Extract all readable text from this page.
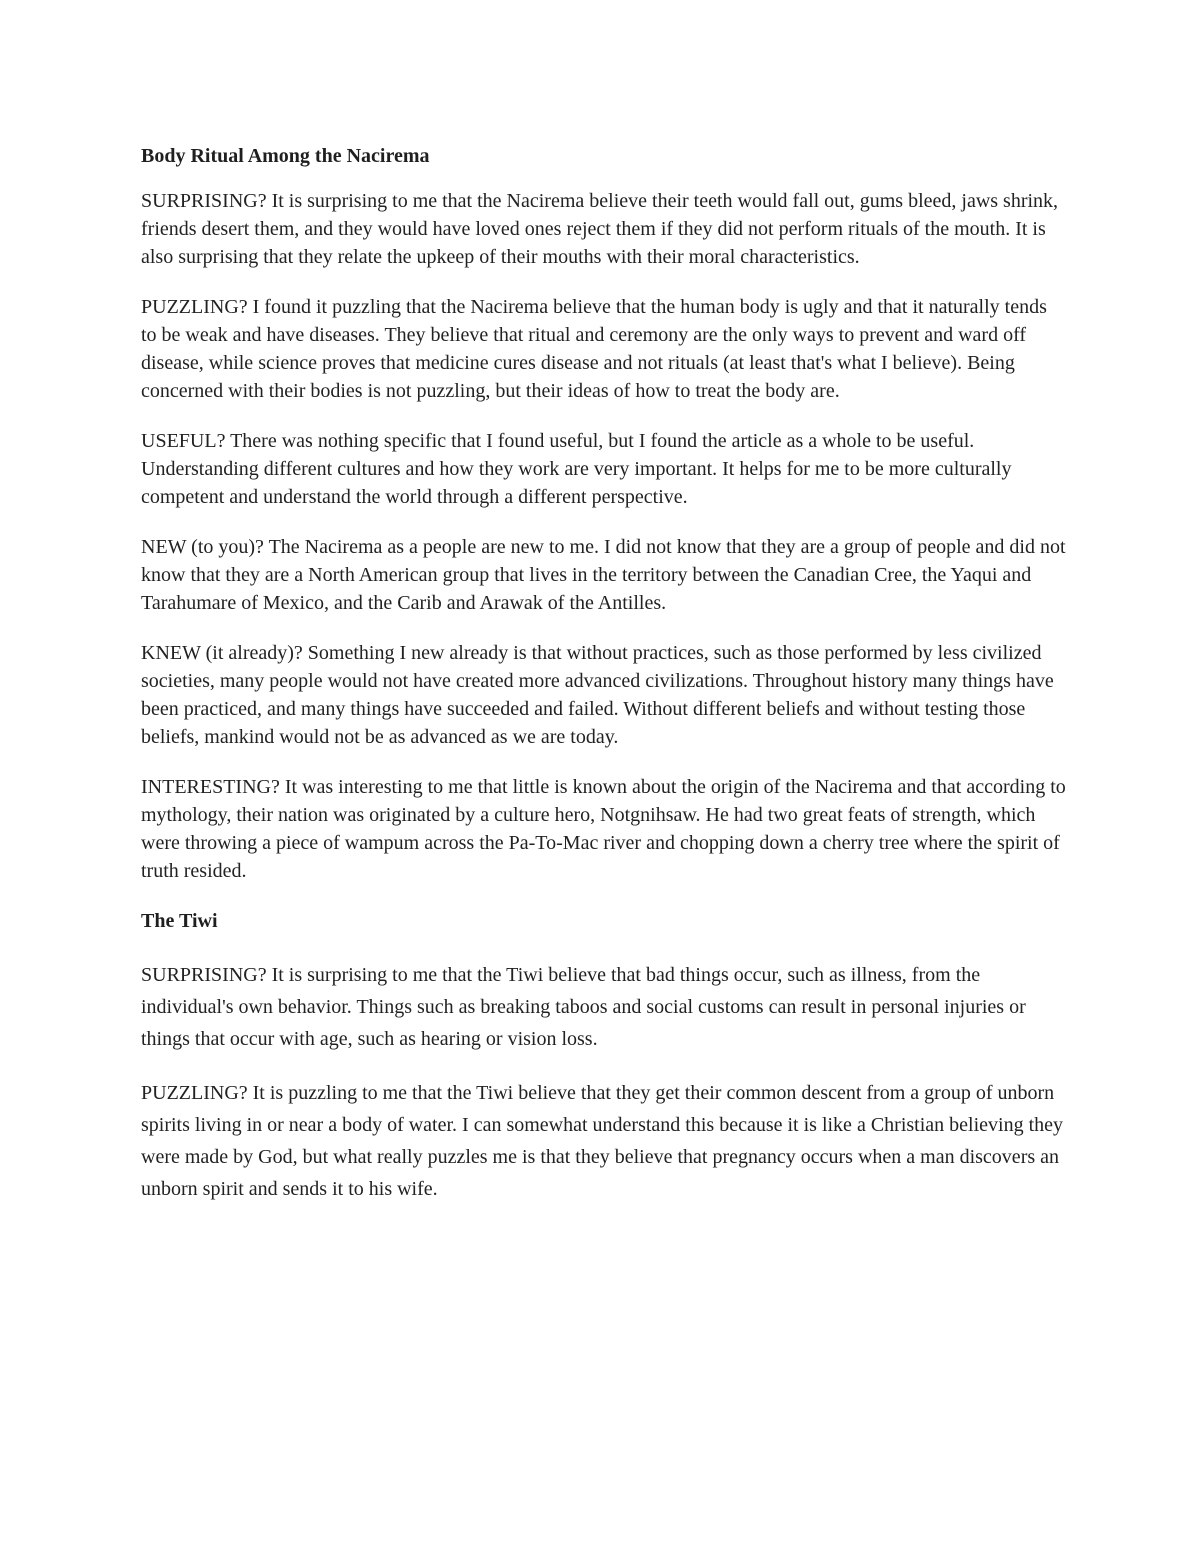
Body Ritual Among the Nacirema

SURPRISING? It is surprising to me that the Nacirema believe their teeth would fall out, gums bleed, jaws shrink, friends desert them, and they would have loved ones reject them if they did not perform rituals of the mouth. It is also surprising that they relate the upkeep of their mouths with their moral characteristics.

PUZZLING? I found it puzzling that the Nacirema believe that the human body is ugly and that it naturally tends to be weak and have diseases. They believe that ritual and ceremony are the only ways to prevent and ward off disease, while science proves that medicine cures disease and not rituals (at least that's what I believe). Being concerned with their bodies is not puzzling, but their ideas of how to treat the body are.

USEFUL? There was nothing specific that I found useful, but I found the article as a whole to be useful. Understanding different cultures and how they work are very important. It helps for me to be more culturally competent and understand the world through a different perspective.

NEW (to you)? The Nacirema as a people are new to me. I did not know that they are a group of people and did not know that they are a North American group that lives in the territory between the Canadian Cree, the Yaqui and Tarahumare of Mexico, and the Carib and Arawak of the Antilles.

KNEW (it already)? Something I new already is that without practices, such as those performed by less civilized societies, many people would not have created more advanced civilizations. Throughout history many things have been practiced, and many things have succeeded and failed. Without different beliefs and without testing those beliefs, mankind would not be as advanced as we are today.

INTERESTING? It was interesting to me that little is known about the origin of the Nacirema and that according to mythology, their nation was originated by a culture hero, Notgnihsaw. He had two great feats of strength, which were throwing a piece of wampum across the Pa-To-Mac river and chopping down a cherry tree where the spirit of truth resided.

The Tiwi

SURPRISING? It is surprising to me that the Tiwi believe that bad things occur, such as illness, from the individual's own behavior. Things such as breaking taboos and social customs can result in personal injuries or things that occur with age, such as hearing or vision loss.

PUZZLING? It is puzzling to me that the Tiwi believe that they get their common descent from a group of unborn spirits living in or near a body of water. I can somewhat understand this because it is like a Christian believing they were made by God, but what really puzzles me is that they believe that pregnancy occurs when a man discovers an unborn spirit and sends it to his wife.
